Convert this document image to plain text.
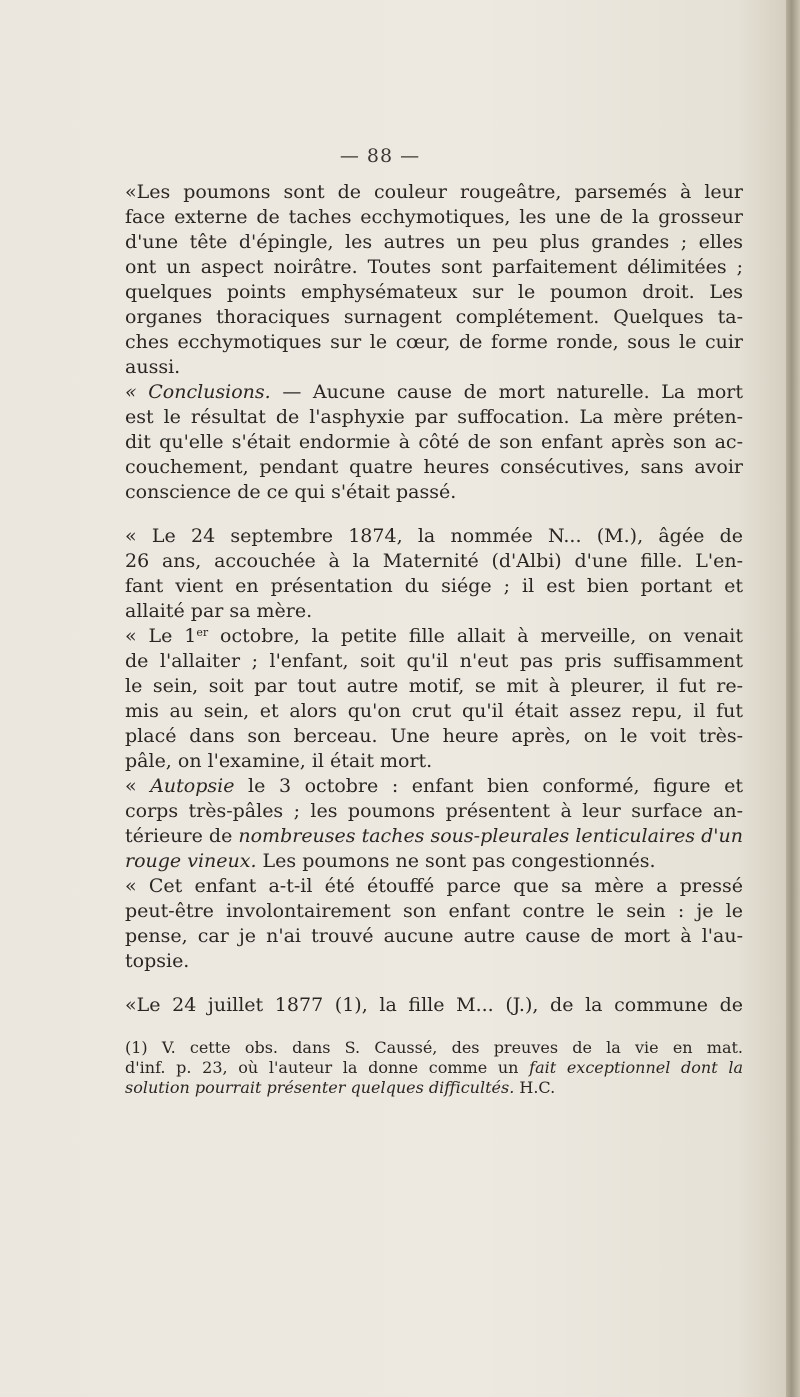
— 88 —
«Les poumons sont de couleur rougeâtre, parsemés à leur
face externe de taches ecchymotiques, les une de la grosseur
d'une tête d'épingle, les autres un peu plus grandes ; elles
ont un aspect noirâtre. Toutes sont parfaitement délimitées ;
quelques points emphysémateux sur le poumon droit. Les
organes thoraciques surnagent complétement. Quelques ta-
ches ecchymotiques sur le cœur, de forme ronde, sous le cuir
aussi.
« Conclusions. — Aucune cause de mort naturelle. La mort
est le résultat de l'asphyxie par suffocation. La mère préten-
dit qu'elle s'était endormie à côté de son enfant après son ac-
couchement, pendant quatre heures consécutives, sans avoir
conscience de ce qui s'était passé.
« Le 24 septembre 1874, la nommée N... (M.), âgée de
26 ans, accouchée à la Maternité (d'Albi) d'une fille. L'en-
fant vient en présentation du siége ; il est bien portant et
allaité par sa mère.
« Le 1er octobre, la petite fille allait à merveille, on venait
de l'allaiter ; l'enfant, soit qu'il n'eut pas pris suffisamment
le sein, soit par tout autre motif, se mit à pleurer, il fut re-
mis au sein, et alors qu'on crut qu'il était assez repu, il fut
placé dans son berceau. Une heure après, on le voit très-
pâle, on l'examine, il était mort.
« Autopsie le 3 octobre : enfant bien conformé, figure et
corps très-pâles ; les poumons présentent à leur surface an-
térieure de nombreuses taches sous-pleurales lenticulaires d'un
rouge vineux. Les poumons ne sont pas congestionnés.
« Cet enfant a-t-il été étouffé parce que sa mère a pressé
peut-être involontairement son enfant contre le sein : je le
pense, car je n'ai trouvé aucune autre cause de mort à l'au-
topsie.
«Le 24 juillet 1877 (1), la fille M... (J.), de la commune de
(1) V. cette obs. dans S. Caussé, des preuves de la vie en mat.
d'inf. p. 23, où l'auteur la donne comme un fait exceptionnel dont la
solution pourrait présenter quelques difficultés. H.C.
